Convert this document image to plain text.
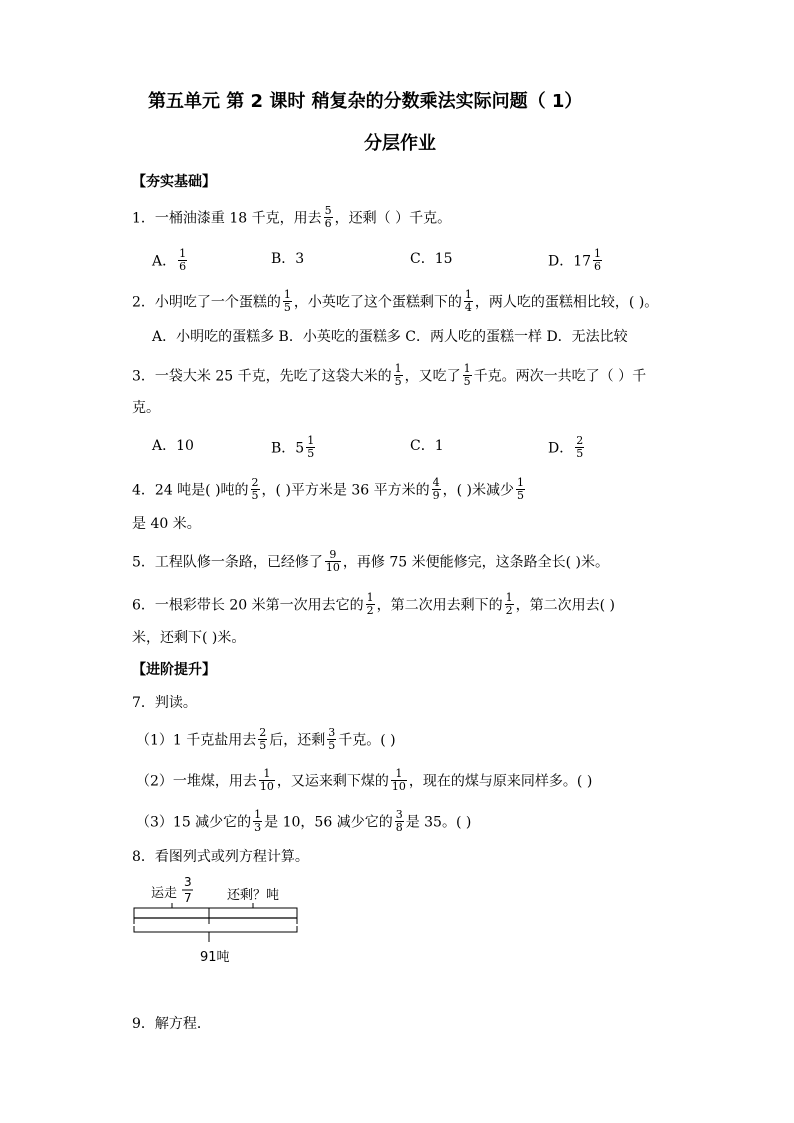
第五单元 第 2 课时 稍复杂的分数乘法实际问题（ 1）
分层作业
【夯实基础】
1．一桶油漆重 18 千克，用去 $\frac{5}{6}$ ，还剩（ ）千克。
A． $\frac{1}{6}$	B．3	C．15	D．$17 \frac{1}{6}$
2．小明吃了一个蛋糕的 $\frac{1}{5}$ ，小英吃了这个蛋糕剩下的 $\frac{1}{4}$ ，两人吃的蛋糕相比较，( )。
A．小明吃的蛋糕多 B．小英吃的蛋糕多 C．两人吃的蛋糕一样 D．无法比较
3．一袋大米 25 千克，先吃了这袋大米的 $\frac{1}{5}$ ，又吃了 $\frac{1}{5}$ 千克。两次一共吃了（ ）千
克。
A．10	B．$5 \frac{1}{5}$	C．1	D． $\frac{2}{5}$
4．24 吨是( )吨的 $\frac{2}{5}$ ，( )平方米是 36 平方米的 $\frac{4}{9}$ ，( )米减少 $\frac{1}{5}$
是 40 米。
5．工程队修一条路，已经修了 $\frac{9}{10}$ ，再修 75 米便能修完，这条路全长( )米。
6．一根彩带长 20 米第一次用去它的 $\frac{1}{2}$ ，第二次用去剩下的 $\frac{1}{2}$ ，第二次用去( )
米，还剩下( )米。
【进阶提升】
7．判读。
（1）1 千克盐用去 $\frac{2}{5}$ 后，还剩 $\frac{3}{5}$ 千克。( )
（2）一堆煤，用去 $\frac{1}{10}$ ，又运来剩下煤的 $\frac{1}{10}$ ，现在的煤与原来同样多。( )
（3）15 减少它的 $\frac{1}{3}$ 是 10，56 减少它的 $\frac{3}{8}$ 是 35。( )
8．看图列式或列方程计算。
运走
3
7	还剩？吨
91吨
9．解方程．
